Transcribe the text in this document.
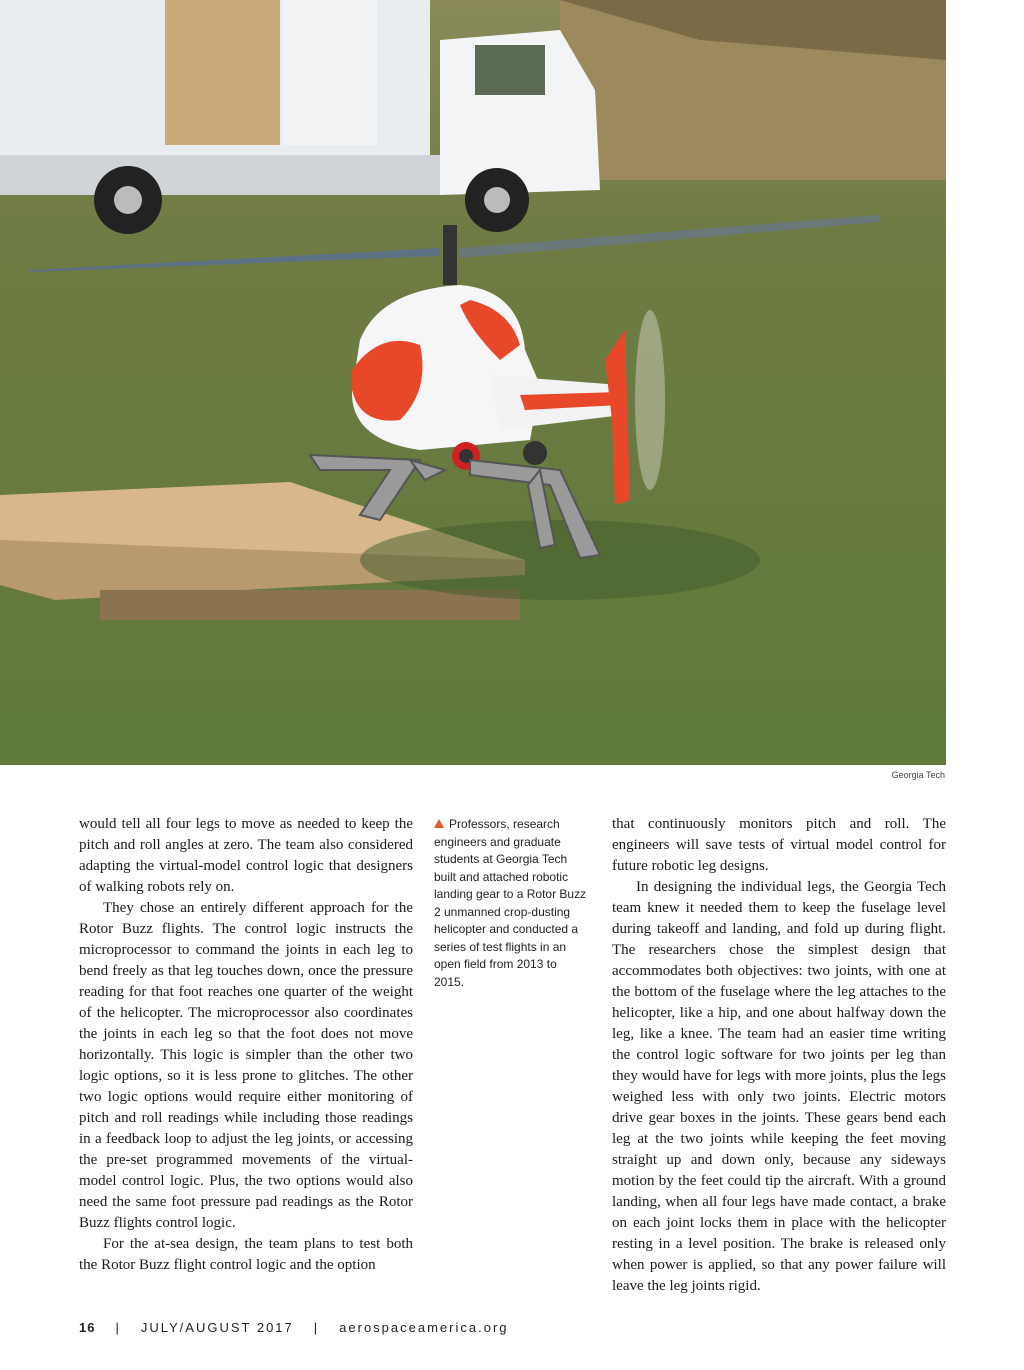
Georgia Tech

would tell all four legs to move as needed to keep the pitch and roll angles at zero. The team also considered adapting the virtual-model control logic that designers of walking robots rely on.

They chose an entirely different approach for the Rotor Buzz flights. The control logic instructs the microprocessor to command the joints in each leg to bend freely as that leg touches down, once the pressure reading for that foot reaches one quarter of the weight of the helicopter. The microprocessor also coordinates the joints in each leg so that the foot does not move horizontally. This logic is simpler than the other two logic options, so it is less prone to glitches. The other two logic options would require either monitoring of pitch and roll readings while including those readings in a feedback loop to adjust the leg joints, or accessing the pre-set programmed movements of the virtual-model control logic. Plus, the two options would also need the same foot pressure pad readings as the Rotor Buzz flights control logic.

For the at-sea design, the team plans to test both the Rotor Buzz flight control logic and the option

Professors, research engineers and graduate students at Georgia Tech built and attached robotic landing gear to a Rotor Buzz 2 unmanned crop-dusting helicopter and conducted a series of test flights in an open field from 2013 to 2015.

that continuously monitors pitch and roll. The engineers will save tests of virtual model control for future robotic leg designs.

In designing the individual legs, the Georgia Tech team knew it needed them to keep the fuselage level during takeoff and landing, and fold up during flight. The researchers chose the simplest design that accommodates both objectives: two joints, with one at the bottom of the fuselage where the leg attaches to the helicopter, like a hip, and one about halfway down the leg, like a knee. The team had an easier time writing the control logic software for two joints per leg than they would have for legs with more joints, plus the legs weighed less with only two joints. Electric motors drive gear boxes in the joints. These gears bend each leg at the two joints while keeping the feet moving straight up and down only, because any sideways motion by the feet could tip the aircraft. With a ground landing, when all four legs have made contact, a brake on each joint locks them in place with the helicopter resting in a level position. The brake is released only when power is applied, so that any power failure will leave the leg joints rigid.

16 | JULY/AUGUST 2017 | aerospaceamerica.org
